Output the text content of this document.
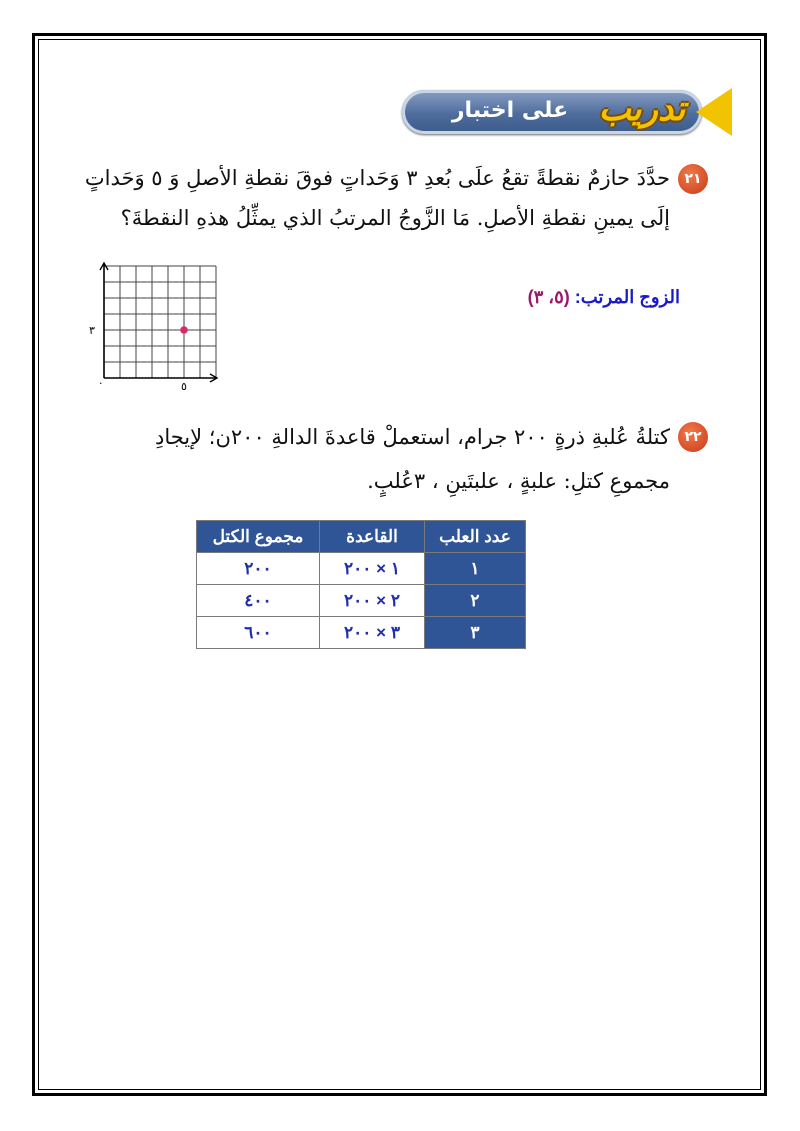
على اختبار تدريب
٢١
حدَّدَ حازمٌ نقطةً تقعُ علَى بُعدِ ٣ وَحَداتٍ فوقَ نقطةِ الأصلِ وَ ٥ وَحَداتٍ
إلَى يمينِ نقطةِ الأصلِ. مَا الزَّوجُ المرتبُ الذي يمثِّلُ هذهِ النقطةَ؟
الزوج المرتب: (٥، ٣)
٣
٥
.
٢٢
كتلةُ عُلبةِ ذرةٍ ٢٠٠ جرام، استعملْ قاعدةَ الدالةِ ٢٠٠ن؛ لإيجادِ
مجموعِ كتلِ: علبةٍ ، علبتَينِ ، ٣عُلبٍ.
عدد العلب	القاعدة	مجموع الكتل
١	١ × ٢٠٠	٢٠٠
٢	٢ × ٢٠٠	٤٠٠
٣	٣ × ٢٠٠	٦٠٠
